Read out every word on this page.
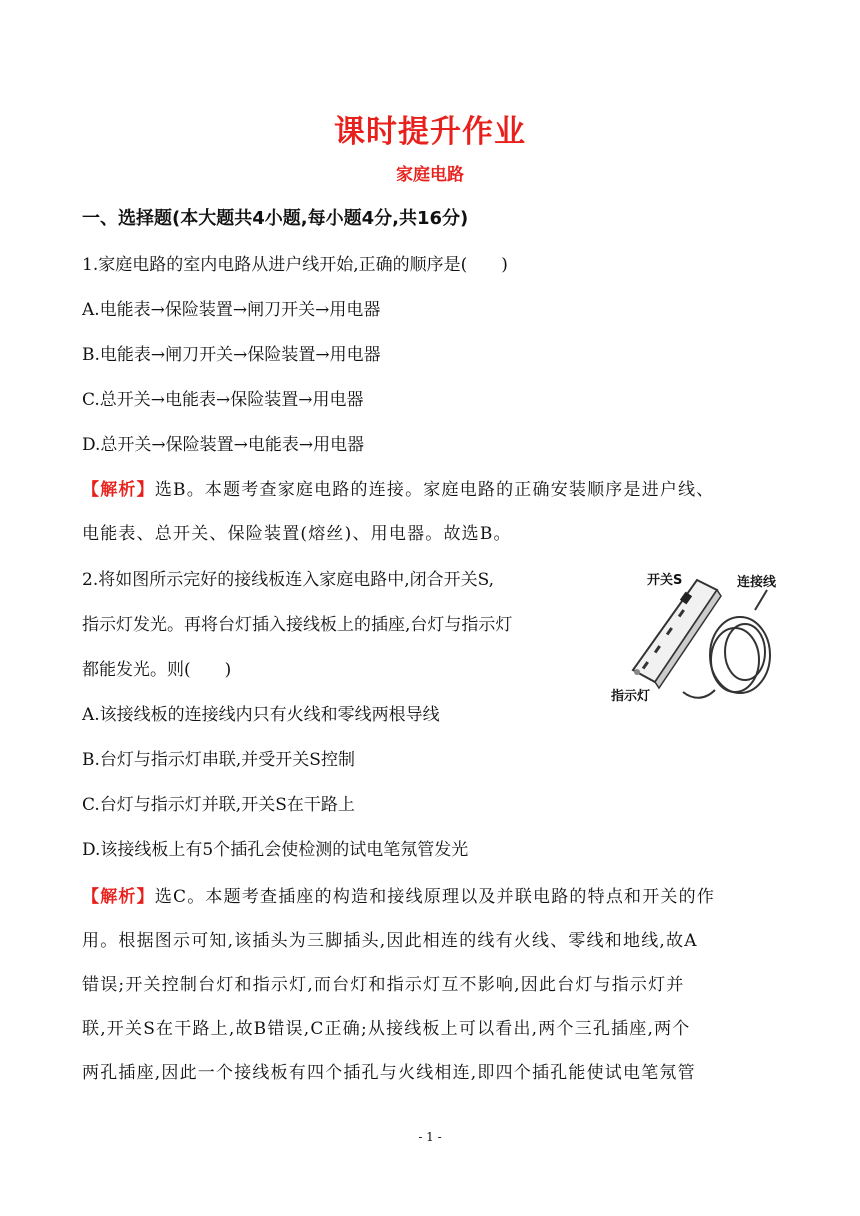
课时提升作业
家庭电路
一、选择题(本大题共4小题,每小题4分,共16分)
1.家庭电路的室内电路从进户线开始,正确的顺序是(　　)
A.电能表→保险装置→闸刀开关→用电器
B.电能表→闸刀开关→保险装置→用电器
C.总开关→电能表→保险装置→用电器
D.总开关→保险装置→电能表→用电器
【解析】选B。本题考查家庭电路的连接。家庭电路的正确安装顺序是进户线、
电能表、总开关、保险装置(熔丝)、用电器。故选B。
2.将如图所示完好的接线板连入家庭电路中,闭合开关S,
指示灯发光。再将台灯插入接线板上的插座,台灯与指示灯
都能发光。则(　　)
开关S	连接线
指示灯
A.该接线板的连接线内只有火线和零线两根导线
B.台灯与指示灯串联,并受开关S控制
C.台灯与指示灯并联,开关S在干路上
D.该接线板上有5个插孔会使检测的试电笔氖管发光
【解析】选C。本题考查插座的构造和接线原理以及并联电路的特点和开关的作
用。根据图示可知,该插头为三脚插头,因此相连的线有火线、零线和地线,故A
错误;开关控制台灯和指示灯,而台灯和指示灯互不影响,因此台灯与指示灯并
联,开关S在干路上,故B错误,C正确;从接线板上可以看出,两个三孔插座,两个
两孔插座,因此一个接线板有四个插孔与火线相连,即四个插孔能使试电笔氖管
- 1 -
